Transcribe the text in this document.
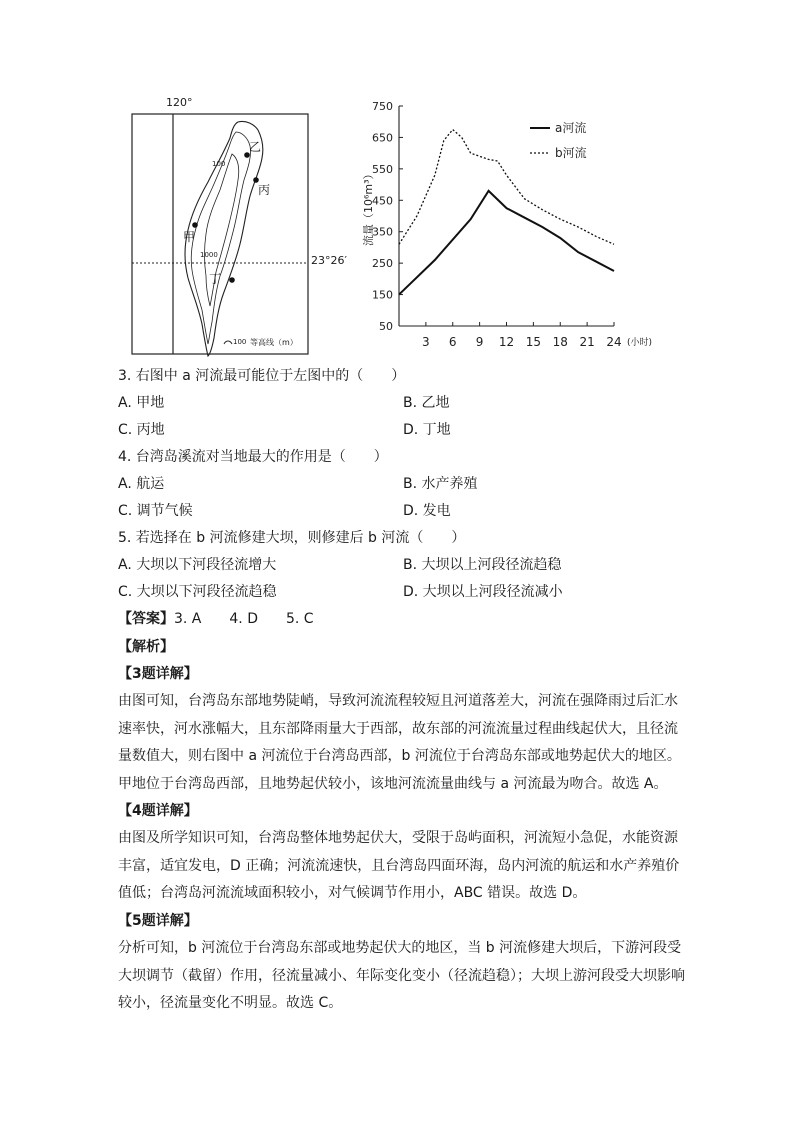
120°
23°26′
100
1000
甲
乙
丙
丁
100 等高线（m）
50
150
250
350
450
550
650
750
3 6 9 12 15 18 21 24 (小时)
流量（10⁶m³）
a河流
b河流
3. 右图中 a 河流最可能位于左图中的（　　）
A. 甲地	B. 乙地
C. 丙地	D. 丁地
4. 台湾岛溪流对当地最大的作用是（　　）
A. 航运	B. 水产养殖
C. 调节气候	D. 发电
5. 若选择在 b 河流修建大坝，则修建后 b 河流（　　）
A. 大坝以下河段径流增大	B. 大坝以上河段径流趋稳
C. 大坝以下河段径流趋稳	D. 大坝以上河段径流减小
【答案】3. A　　4. D　　5. C
【解析】
【3题详解】

由图可知，台湾岛东部地势陡峭，导致河流流程较短且河道落差大，河流在强降雨过后汇水速率快，河水涨幅大，且东部降雨量大于西部，故东部的河流流量过程曲线起伏大，且径流量数值大，则右图中 a 河流位于台湾岛西部，b 河流位于台湾岛东部或地势起伏大的地区。甲地位于台湾岛西部，且地势起伏较小，该地河流流量曲线与 a 河流最为吻合。故选 A。

【4题详解】

由图及所学知识可知，台湾岛整体地势起伏大，受限于岛屿面积，河流短小急促，水能资源丰富，适宜发电，D 正确；河流流速快，且台湾岛四面环海，岛内河流的航运和水产养殖价值低；台湾岛河流流域面积较小，对气候调节作用小，ABC 错误。故选 D。

【5题详解】

分析可知，b 河流位于台湾岛东部或地势起伏大的地区，当 b 河流修建大坝后，下游河段受大坝调节（截留）作用，径流量减小、年际变化变小（径流趋稳）；大坝上游河段受大坝影响较小，径流量变化不明显。故选 C。
